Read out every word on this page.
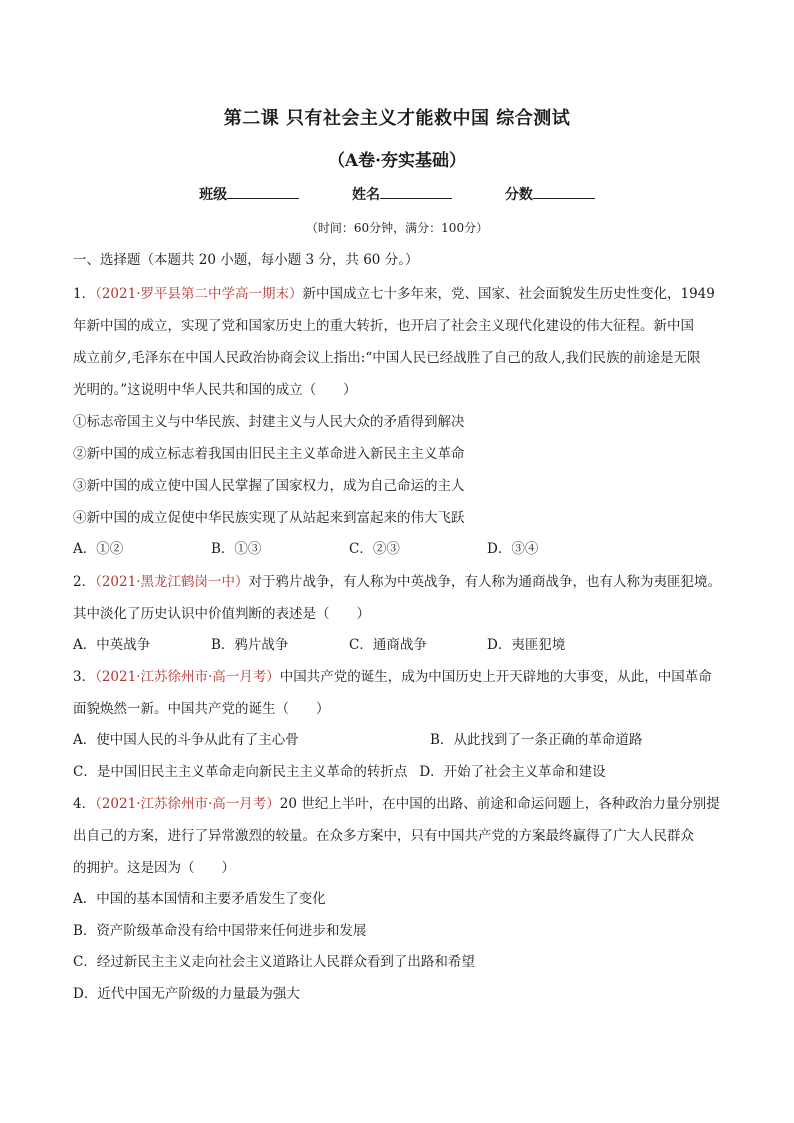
第二课 只有社会主义才能救中国 综合测试
（A卷·夯实基础）
班级	姓名	分数
（时间：60分钟，满分：100分）
一、选择题（本题共 20 小题，每小题 3 分，共 60 分。）
1．（2021·罗平县第二中学高一期末）新中国成立七十多年来，党、国家、社会面貌发生历史性变化，1949
年新中国的成立，实现了党和国家历史上的重大转折，也开启了社会主义现代化建设的伟大征程。新中国
成立前夕,毛泽东在中国人民政治协商会议上指出:“中国人民已经战胜了自己的敌人,我们民族的前途是无限
光明的。”这说明中华人民共和国的成立（　　）
①标志帝国主义与中华民族、封建主义与人民大众的矛盾得到解决
②新中国的成立标志着我国由旧民主主义革命进入新民主主义革命
③新中国的成立使中国人民掌握了国家权力，成为自己命运的主人
④新中国的成立促使中华民族实现了从站起来到富起来的伟大飞跃
A．①②	B．①③	C．②③	D．③④
2．（2021·黑龙江鹤岗一中）对于鸦片战争，有人称为中英战争，有人称为通商战争，也有人称为夷匪犯境。
其中淡化了历史认识中价值判断的表述是（　　）
A．中英战争	B．鸦片战争	C．通商战争	D．夷匪犯境
3．（2021·江苏徐州市·高一月考）中国共产党的诞生，成为中国历史上开天辟地的大事变，从此，中国革命
面貌焕然一新。中国共产党的诞生（　　）
A．使中国人民的斗争从此有了主心骨	B．从此找到了一条正确的革命道路
C．是中国旧民主主义革命走向新民主主义革命的转折点 D．开始了社会主义革命和建设
4．（2021·江苏徐州市·高一月考）20 世纪上半叶，在中国的出路、前途和命运问题上，各种政治力量分别提
出自己的方案，进行了异常激烈的较量。在众多方案中，只有中国共产党的方案最终赢得了广大人民群众
的拥护。这是因为（　　）
A．中国的基本国情和主要矛盾发生了变化
B．资产阶级革命没有给中国带来任何进步和发展
C．经过新民主主义走向社会主义道路让人民群众看到了出路和希望
D．近代中国无产阶级的力量最为强大
